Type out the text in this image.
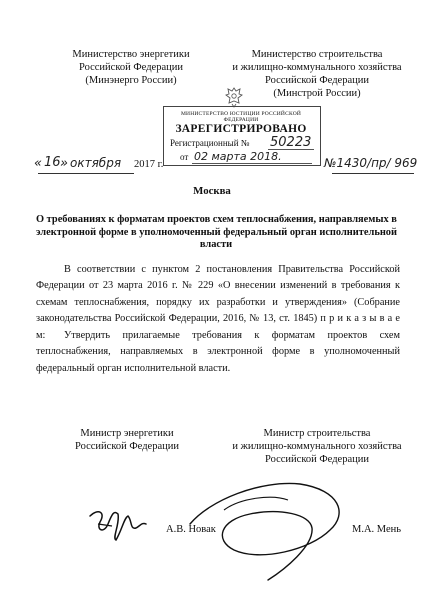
Министерство энергетики
Российской Федерации
(Минэнерго России)
Министерство строительства
и жилищно-коммунального хозяйства
Российской Федерации
(Минстрой России)
МИНИСТЕРСТВО ЮСТИЦИИ РОССИЙСКОЙ ФЕДЕРАЦИИ
ЗАРЕГИСТРИРОВАНО
Регистрационный № 50223
от 02 марта 2018.
« 16 » октября 2017 г.	№1430/пр/ 969
Москва
О требованиях к форматам проектов схем теплоснабжения, направляемых в
электронной форме в уполномоченный федеральный орган исполнительной
власти
В соответствии с пунктом 2 постановления Правительства Российской Федерации от 23 марта 2016 г. № 229 «О внесении изменений в требования к схемам теплоснабжения, порядку их разработки и утверждения» (Собрание законодательства Российской Федерации, 2016, № 13, ст. 1845) п р и к а з ы в а е м:	Утвердить прилагаемые требования к форматам проектов схем теплоснабжения, направляемых в электронной форме в уполномоченный федеральный орган исполнительной власти.
Министр энергетики
Российской Федерации
Министр строительства
и жилищно-коммунального хозяйства
Российской Федерации
А.В. Новак	М.А. Мень
